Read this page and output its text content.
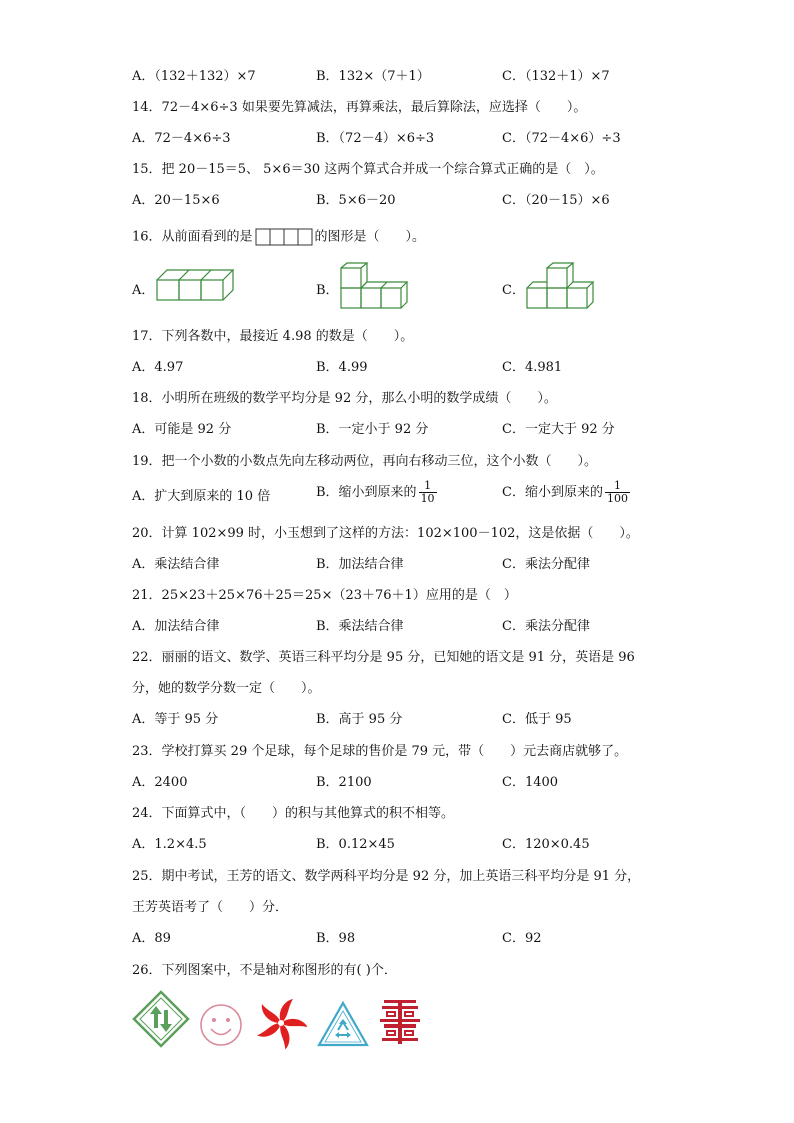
A．（132＋132）×7	B．132×（7＋1）	C．（132＋1）×7
14．72－4×6÷3 如果要先算减法，再算乘法，最后算除法，应选择（　　）。
A．72－4×6÷3	B．（72－4）×6÷3	C．（72－4×6）÷3
15．把 20－15＝5、 5×6＝30 这两个算式合并成一个综合算式正确的是（　）。
A．20－15×6	B．5×6－20	C．（20－15）×6
16．从前面看到的是	的图形是（　　）。
A．	B．	C．
17．下列各数中，最接近 4.98 的数是（　　）。
A．4.97	B．4.99	C．4.981
18．小明所在班级的数学平均分是 92 分，那么小明的数学成绩（　　）。
A．可能是 92 分	B．一定小于 92 分	C．一定大于 92 分
19．把一个小数的小数点先向左移动两位，再向右移动三位，这个小数（　　）。
A．扩大到原来的 10 倍	B．缩小到原来的 $\frac{1}{10}$	C．缩小到原来的 $\frac{1}{100}$
20．计算 102×99 时，小玉想到了这样的方法：102×100－102，这是依据（　　）。
A．乘法结合律	B．加法结合律	C．乘法分配律
21．25×23＋25×76＋25＝25×（23＋76＋1）应用的是（　）
A．加法结合律	B．乘法结合律	C．乘法分配律
22．丽丽的语文、数学、英语三科平均分是 95 分，已知她的语文是 91 分，英语是 96
分，她的数学分数一定（　　）。
A．等于 95 分	B．高于 95 分	C．低于 95
23．学校打算买 29 个足球，每个足球的售价是 79 元，带（　　）元去商店就够了。
A．2400	B．2100	C．1400
24．下面算式中，（　　）的积与其他算式的积不相等。
A．1.2×4.5	B．0.12×45	C．120×0.45
25．期中考试，王芳的语文、数学两科平均分是 92 分，加上英语三科平均分是 91 分，
王芳英语考了（　　）分．
A．89	B．98	C．92
26．下列图案中，不是轴对称图形的有( )个．
